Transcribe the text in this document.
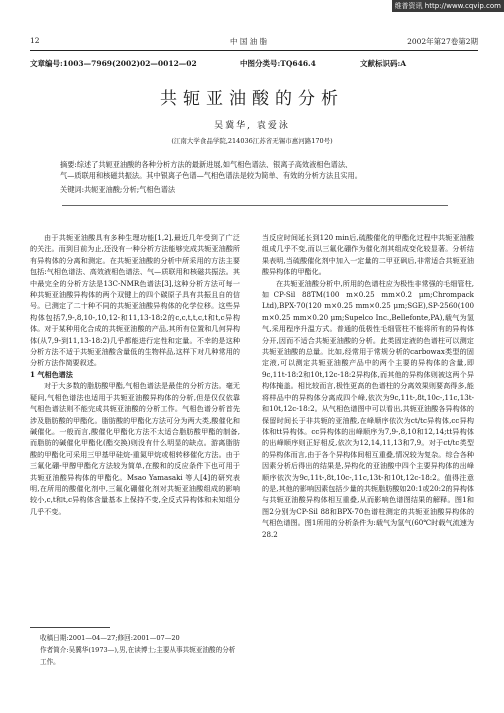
维普资讯 http://www.cqvip.com
12	中 国 油 脂	2002年第27卷第2期
文章编号:1003—7969(2002)02—0012—02	中图分类号:TQ646.4	文献标识码:A
共轭亚油酸的分析
吴冀华, 袁爱泳
(江南大学食品学院,214036江苏省无锡市惠河路170号)
摘要:综述了共轭亚油酸的各种分析方法的最新进展,如气相色谱法、银离子高效液相色谱法、
气—质联用和核磁共振法。其中银离子色谱—气相色谱法是较为简单、有效的分析方法且实用。
关键词:共轭亚油酸;分析;气相色谱法

由于共轭亚油酸具有多种生理功能[1,2],最近几年受到了广泛的关注。而到目前为止,还没有一种分析方法能够完成共轭亚油酸所有异构体的分离和测定。在共轭亚油酸的分析中所采用的方法主要包括:气相色谱法、高效液相色谱法、气—质联用和核磁共振法。其中最完全的分析方法是13C-NMR色谱法[3],这种分析方法可每一种共轭亚油酸异构体的两个双键上的四个碳原子具有共振且自的信号。已测定了二十种不同的共轭亚油酸异构体的化学位移。这些异构体包括7,9-,8,10-,10,12-和11,13-18:2的c,c,t,t,c,t和t,c异构体。对于某种用化合成的共轭亚油酸的产品,其所有位置和几何异构体(从7,9-到11,13-18:2)几乎都能进行定性和定量。不幸的是这种分析方法不适于共轭亚油酸含量低的生物样品,这样下对几种常用的分析方法作简要叙述。

1 气相色谱法

对于大多数的脂肪酸甲酯,气相色谱法是最佳的分析方法。毫无疑问,气相色谱法也适用于共轭亚油酸异构体的分析,但是仅仅依靠气相色谱法则不能完成共轭亚油酸的分析工作。气相色谱分析首先涉及脂肪酸的甲酯化。脂肪酸的甲酯化方法可分为两大类,酸催化和碱催化。一般而言,酸催化甲酯化方法不太适合脂肪酸甲酯的制备,而脂肪的碱催化甲酯化(酯交换)则没有什么明显的缺点。游离脂肪酸的甲酯化可采用三甲基甲硅烷-重氮甲烷或相转移催化方法。由于三氟化硼-甲醇甲酯化方法较为简单,在酸和的反应条件下也可用于共轭亚油酸异构体的甲酯化。Msao Yamasaki 等人[4]的研究表明,在所用的酸催化剂中,三氟化硼催化剂对共轭亚油酸组成的影响较小,c,t和t,c异构体含量基本上保持不变,全反式异构体和未知组分几乎不变。

当反应时间延长到120 min后,硫酸催化的甲酯化过程中共轭亚油酸组成几乎不变,而以三氟化硼作为催化剂其组成变化较显著。分析结果表明,当硫酸催化剂中加入一定量的二甲亚砜后,非常适合共轭亚油酸异构体的甲酯化。

在共轭亚油酸分析中,所用的色谱柱应为极性非常强的毛细管柱,如CP-Sil 88TM(100 m×0.25 mm×0.2 μm;Chrompack Ltd),BPX-70(120 m×0.25 mm×0.25 μm;SGE),SP-2560(100 m×0.25 mm×0.20 μm;Supelco Inc.,Bellefonte,PA),载气为氢气,采用程序升温方式。普通的低极性毛细管柱不能将所有的异构体分开,因而不适合共轭亚油酸的分析。此类固定液的色谱柱可以测定共轭亚油酸的总量。比如,经常用于常规分析的carbowax类型的固定液,可以测定共轭亚油酸产品中的两个主要的异构体的含量,即9c,11t-18:2和10t,12c-18:2异构体,而其他的异构体则被这两个异构体掩盖。相比较而言,极性更高的色谱柱的分离效果则要高得多,能将样品中的异构体分离成四个峰,依次为9c,11t-,8t,10c-,11c,13t-和10t,12c-18:2。从气相色谱图中可以看出,共轭亚油酸各异构体的保留时间长于非共轭的亚油酸,在峰顺序依次为ct/tc异构体,cc异构体和tt异构体。cc异构体的出峰顺序为7,9-,8,10和12,14;tt异构体的出峰顺序则正好相反,依次为12,14,11,13和7,9。对于ct/tc类型的异构体而言,由于各个异构体间相互重叠,情况较为复杂。综合各种因素分析后得出的结果是,异构化的亚油酸中四个主要异构体的出峰顺序依次为9c,11t-,8t,10c-,11c,13t-和10t,12c-18:2。值得注意的是,其他的影响因素包括少量的共轭脂肪酸如20:1或20:2的异构体与共轭亚油酸异构体相互重叠,从而影响色谱图结果的解释。图1和图2分别为CP-Sil 88和BPX-70色谱柱测定的共轭亚油酸异构体的气相色谱图。图1所用的分析条件为:载气为氢气(60℃时载气流速为28.2

收稿日期:2001—04—27;修回:2001—07—20
作者简介:吴冀华(1973—),男,在读博士;主要从事共轭亚油酸的分析工作。
